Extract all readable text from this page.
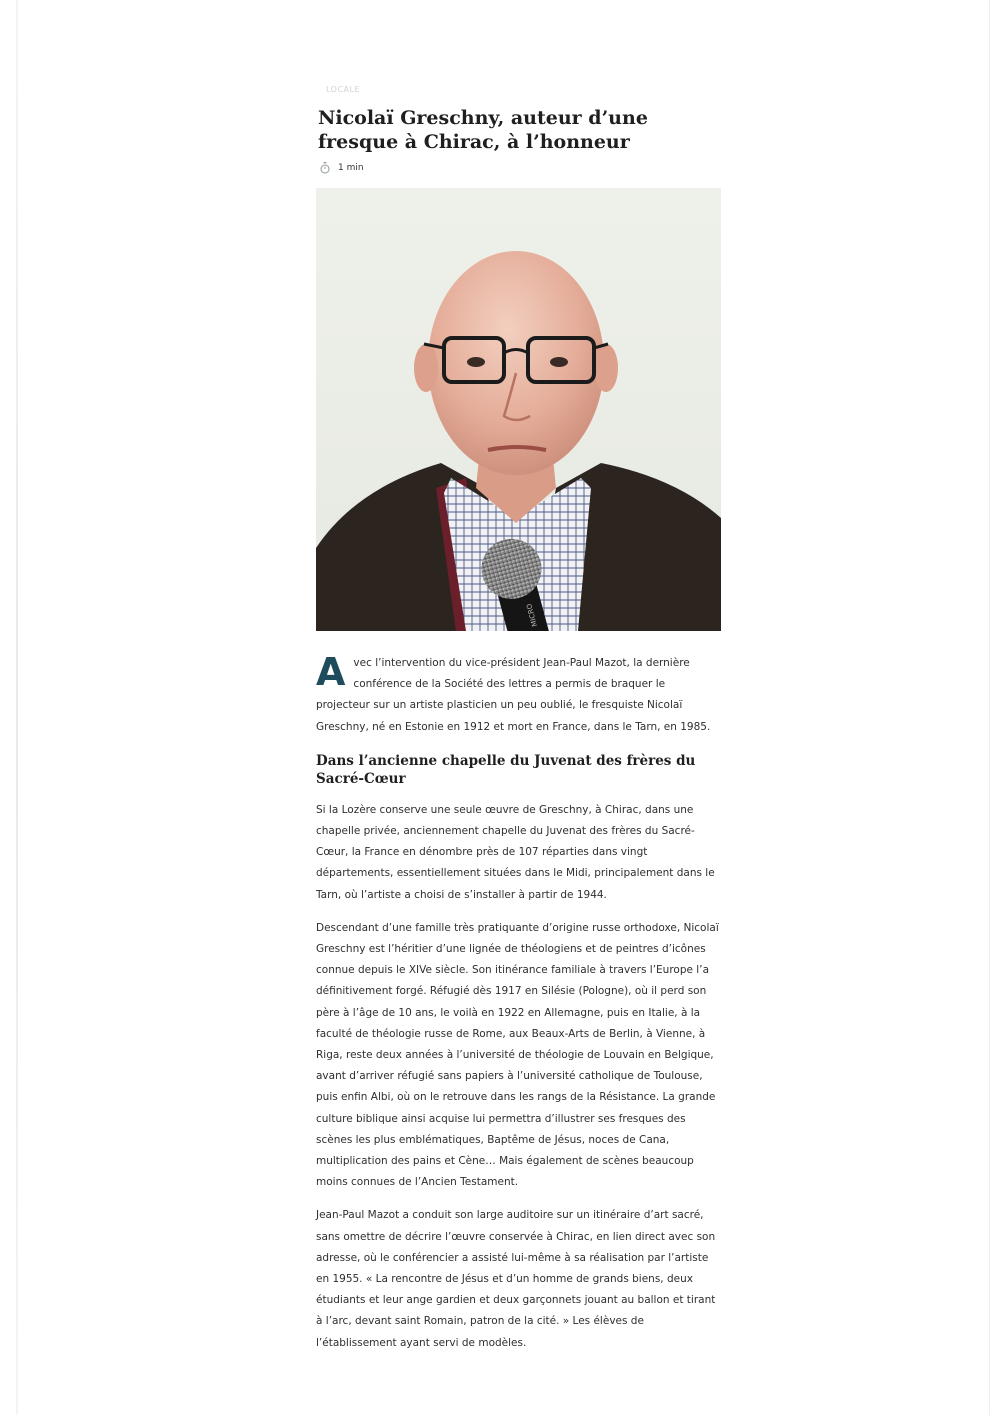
LOCALE
Nicolaï Greschny, auteur d’une fresque à Chirac, à l’honneur
1 min
MICRO

A vec l’intervention du vice-président Jean-Paul Mazot, la dernière conférence de la Société des lettres a permis de braquer le projecteur sur un artiste plasticien un peu oublié, le fresquiste Nicolaï Greschny, né en Estonie en 1912 et mort en France, dans le Tarn, en 1985.

Dans l’ancienne chapelle du Juvenat des frères du Sacré-Cœur

Si la Lozère conserve une seule œuvre de Greschny, à Chirac, dans une chapelle privée, anciennement chapelle du Juvenat des frères du Sacré-Cœur, la France en dénombre près de 107 réparties dans vingt départements, essentiellement situées dans le Midi, principalement dans le Tarn, où l’artiste a choisi de s’installer à partir de 1944.

Descendant d’une famille très pratiquante d’origine russe orthodoxe, Nicolaï Greschny est l’héritier d’une lignée de théologiens et de peintres d’icônes connue depuis le XIVe siècle. Son itinérance familiale à travers l’Europe l’a définitivement forgé. Réfugié dès 1917 en Silésie (Pologne), où il perd son père à l’âge de 10 ans, le voilà en 1922 en Allemagne, puis en Italie, à la faculté de théologie russe de Rome, aux Beaux-Arts de Berlin, à Vienne, à Riga, reste deux années à l’université de théologie de Louvain en Belgique, avant d’arriver réfugié sans papiers à l’université catholique de Toulouse, puis enfin Albi, où on le retrouve dans les rangs de la Résistance. La grande culture biblique ainsi acquise lui permettra d’illustrer ses fresques des scènes les plus emblématiques, Baptême de Jésus, noces de Cana, multiplication des pains et Cène… Mais également de scènes beaucoup moins connues de l’Ancien Testament.

Jean-Paul Mazot a conduit son large auditoire sur un itinéraire d’art sacré, sans omettre de décrire l’œuvre conservée à Chirac, en lien direct avec son adresse, où le conférencier a assisté lui-même à sa réalisation par l’artiste en 1955. « La rencontre de Jésus et d’un homme de grands biens, deux étudiants et leur ange gardien et deux garçonnets jouant au ballon et tirant à l’arc, devant saint Romain, patron de la cité. » Les élèves de l’établissement ayant servi de modèles.
